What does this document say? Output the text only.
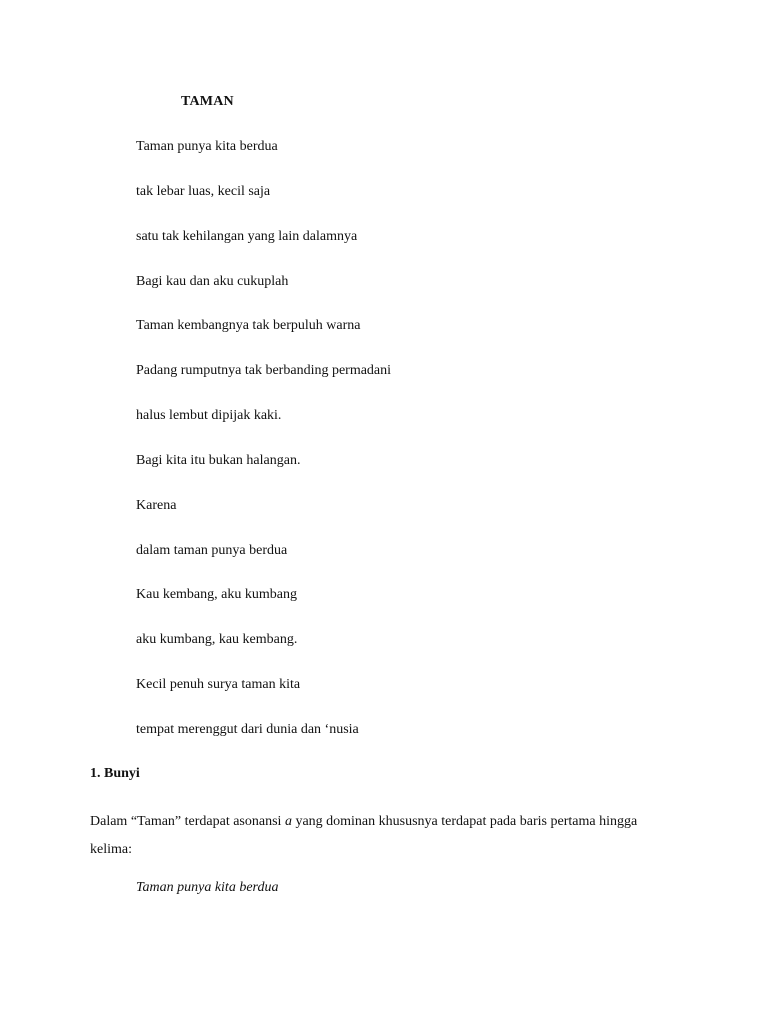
TAMAN
Taman punya kita berdua
tak lebar luas, kecil saja
satu tak kehilangan yang lain dalamnya
Bagi kau dan aku cukuplah
Taman kembangnya tak berpuluh warna
Padang rumputnya tak berbanding permadani
halus lembut dipijak kaki.
Bagi kita itu bukan halangan.
Karena
dalam taman punya berdua
Kau kembang, aku kumbang
aku kumbang, kau kembang.
Kecil penuh surya taman kita
tempat merenggut dari dunia dan ‘nusia
1. Bunyi
Dalam “Taman” terdapat asonansi a yang dominan khususnya terdapat pada baris pertama hingga kelima:
Taman punya kita berdua
